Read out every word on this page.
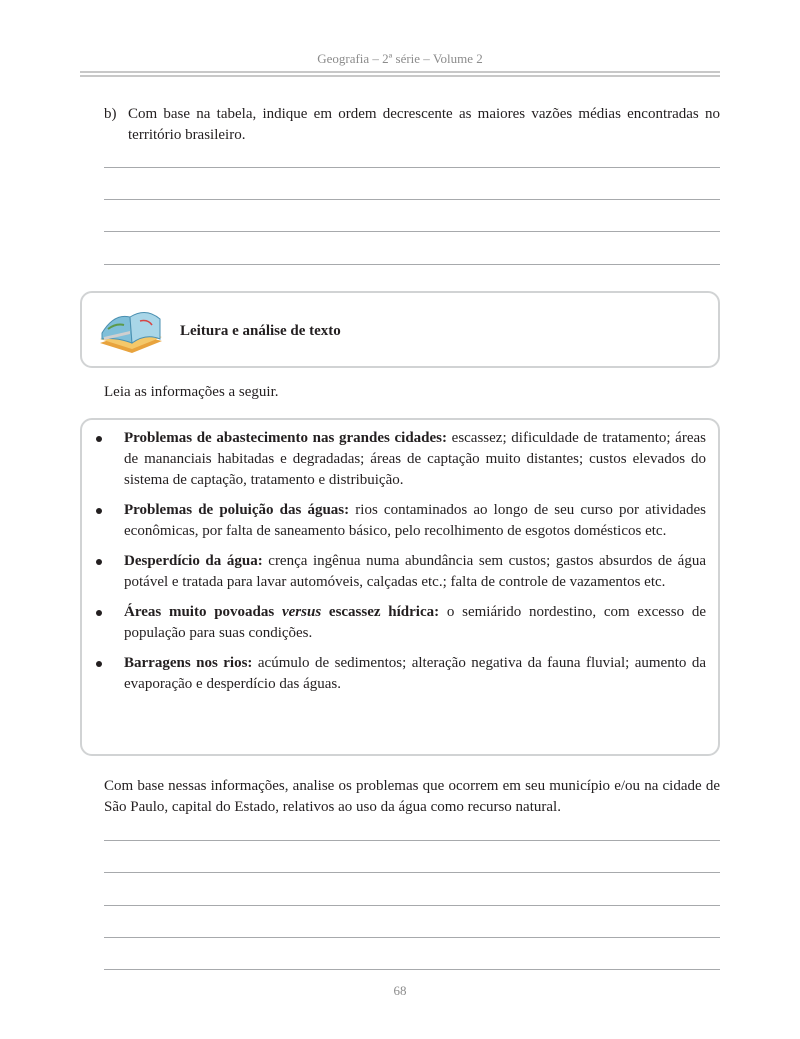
Geografia – 2ª série – Volume 2
b) Com base na tabela, indique em ordem decrescente as maiores vazões médias encontradas no território brasileiro.
Leitura e análise de texto
Leia as informações a seguir.
Problemas de abastecimento nas grandes cidades: escassez; dificuldade de tratamento; áreas de mananciais habitadas e degradadas; áreas de captação muito distantes; custos elevados do sistema de captação, tratamento e distribuição.
Problemas de poluição das águas: rios contaminados ao longo de seu curso por atividades econômicas, por falta de saneamento básico, pelo recolhimento de esgotos domésticos etc.
Desperdício da água: crença ingênua numa abundância sem custos; gastos absurdos de água potável e tratada para lavar automóveis, calçadas etc.; falta de controle de vazamentos etc.
Áreas muito povoadas versus escassez hídrica: o semiárido nordestino, com excesso de população para suas condições.
Barragens nos rios: acúmulo de sedimentos; alteração negativa da fauna fluvial; aumento da evaporação e desperdício das águas.
Com base nessas informações, analise os problemas que ocorrem em seu município e/ou na cidade de São Paulo, capital do Estado, relativos ao uso da água como recurso natural.
68
